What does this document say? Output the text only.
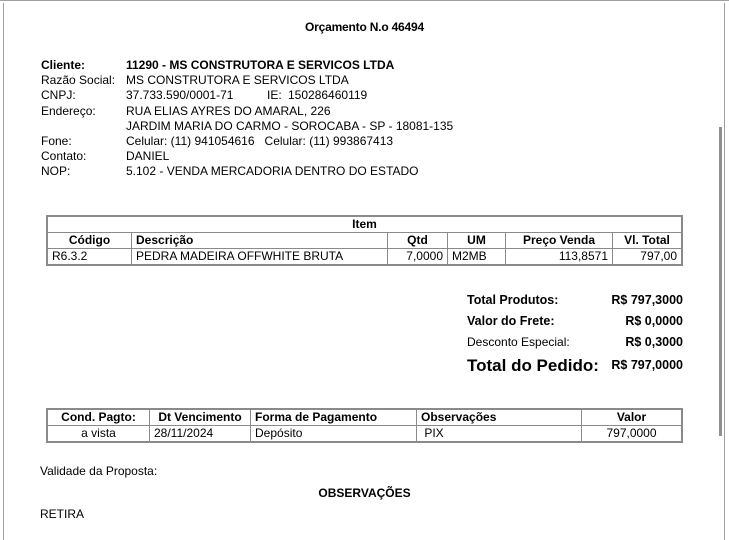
Orçamento N.o 46494
Cliente:	11290 - MS CONSTRUTORA E SERVICOS LTDA
Razão Social: MS CONSTRUTORA E SERVICOS LTDA
CNPJ:	37.733.590/0001-71	IE: 150286460119
Endereço:	RUA ELIAS AYRES DO AMARAL, 226
JARDIM MARIA DO CARMO - SOROCABA - SP - 18081-135
Fone:	Celular: (11) 941054616   Celular: (11) 993867413
Contato:	DANIEL
NOP:	5.102 - VENDA MERCADORIA DENTRO DO ESTADO
Item					
Código	Descrição	Qtd	UM	Preço Venda	Vl. Total
R6.3.2	PEDRA MADEIRA OFFWHITE BRUTA	7,0000	M2MB	113,8571	797,00
Total Produtos:	R$ 797,3000
Valor do Frete:	R$ 0,0000
Desconto Especial:	R$ 0,3000
Total do Pedido: R$ 797,0000
Cond. Pagto:	Dt Vencimento	Forma de Pagamento	Observações	Valor
a vista	28/11/2024	Depósito	PIX	797,0000
Validade da Proposta:
OBSERVAÇÕES
RETIRA
